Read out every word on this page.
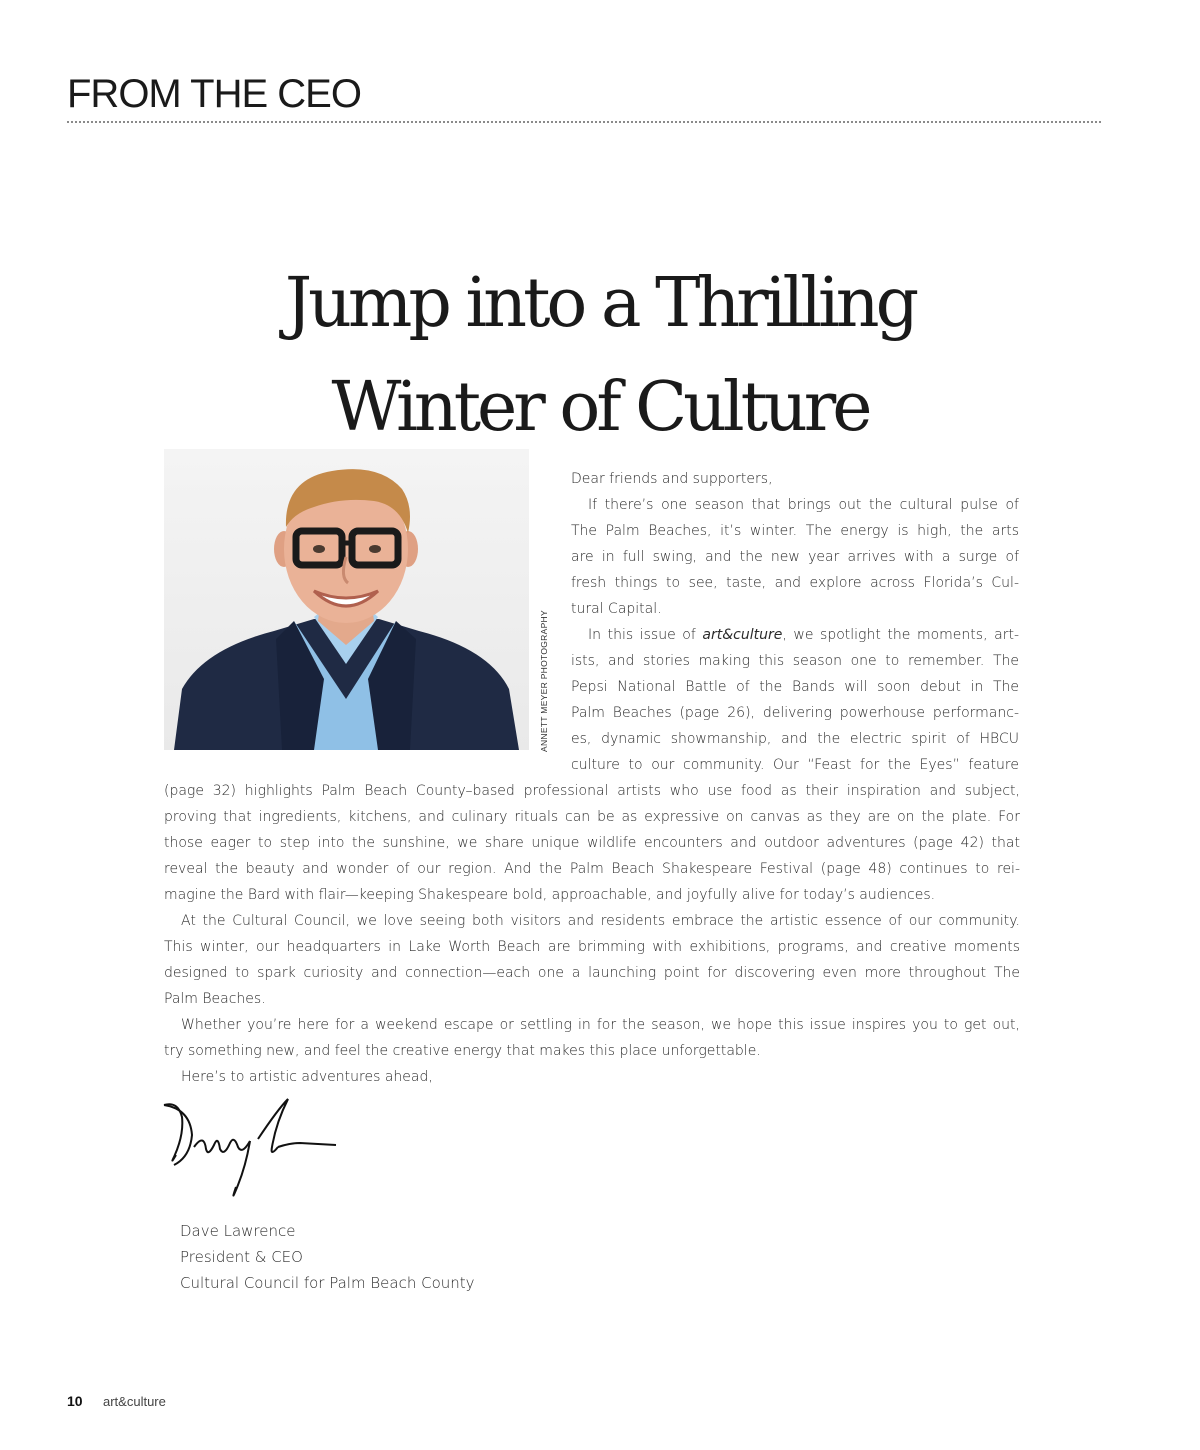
FROM THE CEO
Jump into a Thrilling
Winter of Culture
ANNETT MEYER PHOTOGRAPHY
Dear friends and supporters,
If there’s one season that brings out the cultural pulse of
The Palm Beaches, it’s winter. The energy is high, the arts
are in full swing, and the new year arrives with a surge of
fresh things to see, taste, and explore across Florida’s Cul-
tural Capital.
In this issue of art&culture, we spotlight the moments, art-
ists, and stories making this season one to remember. The
Pepsi National Battle of the Bands will soon debut in The
Palm Beaches (page 26), delivering powerhouse performanc-
es, dynamic showmanship, and the electric spirit of HBCU
culture to our community. Our “Feast for the Eyes” feature
(page 32) highlights Palm Beach County–based professional artists who use food as their inspiration and subject,
proving that ingredients, kitchens, and culinary rituals can be as expressive on canvas as they are on the plate. For
those eager to step into the sunshine, we share unique wildlife encounters and outdoor adventures (page 42) that
reveal the beauty and wonder of our region. And the Palm Beach Shakespeare Festival (page 48) continues to rei-
magine the Bard with flair—keeping Shakespeare bold, approachable, and joyfully alive for today’s audiences.
At the Cultural Council, we love seeing both visitors and residents embrace the artistic essence of our community.
This winter, our headquarters in Lake Worth Beach are brimming with exhibitions, programs, and creative moments
designed to spark curiosity and connection—each one a launching point for discovering even more throughout The
Palm Beaches.
Whether you’re here for a weekend escape or settling in for the season, we hope this issue inspires you to get out,
try something new, and feel the creative energy that makes this place unforgettable.
Here’s to artistic adventures ahead,
Dave Lawrence
President & CEO
Cultural Council for Palm Beach County
10 art&culture
